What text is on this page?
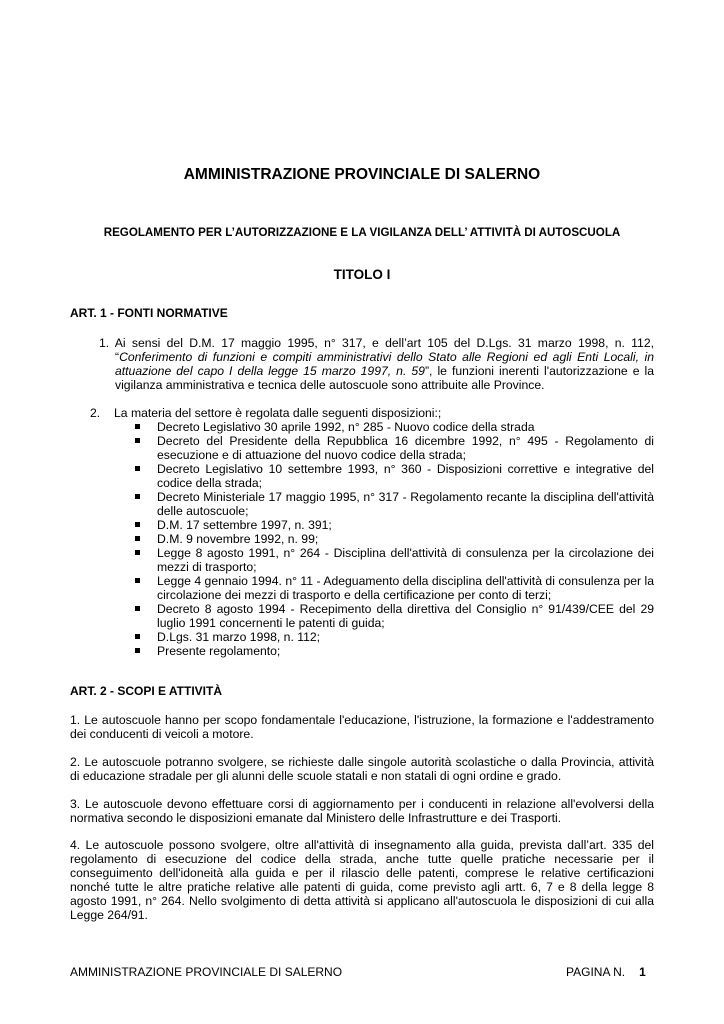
AMMINISTRAZIONE PROVINCIALE DI SALERNO
REGOLAMENTO PER L’AUTORIZZAZIONE E LA VIGILANZA DELL’ ATTIVITÀ DI AUTOSCUOLA
TITOLO I
ART. 1 - FONTI NORMATIVE
1. Ai sensi del D.M. 17 maggio 1995, n° 317, e dell’art 105 del D.Lgs. 31 marzo 1998, n. 112, “Conferimento di funzioni e compiti amministrativi dello Stato alle Regioni ed agli Enti Locali, in attuazione del capo I della legge 15 marzo 1997, n. 59”, le funzioni inerenti l'autorizzazione e la vigilanza amministrativa e tecnica delle autoscuole sono attribuite alle Province.
2. La materia del settore è regolata dalle seguenti disposizioni:;
Decreto Legislativo 30 aprile 1992, n° 285 - Nuovo codice della strada
Decreto del Presidente della Repubblica 16 dicembre 1992, n° 495 - Regolamento di esecuzione e di attuazione del nuovo codice della strada;
Decreto Legislativo 10 settembre 1993, n° 360 - Disposizioni correttive e integrative del codice della strada;
Decreto Ministeriale 17 maggio 1995, n° 317 - Regolamento recante la disciplina dell'attività delle autoscuole;
D.M. 17 settembre 1997, n. 391;
D.M. 9 novembre 1992, n. 99;
Legge 8 agosto 1991, n° 264 - Disciplina dell'attività di consulenza per la circolazione dei mezzi di trasporto;
Legge 4 gennaio 1994. n° 11 - Adeguamento della disciplina dell'attività di consulenza per la circolazione dei mezzi di trasporto e della certificazione per conto di terzi;
Decreto 8 agosto 1994 - Recepimento della direttiva del Consiglio n° 91/439/CEE del 29 luglio 1991 concernenti le patenti di guida;
D.Lgs. 31 marzo 1998, n. 112;
Presente regolamento;
ART. 2 - SCOPI E ATTIVITÀ
1. Le autoscuole hanno per scopo fondamentale l'educazione, l'istruzione, la formazione e l'addestramento dei conducenti di veicoli a motore.
2. Le autoscuole potranno svolgere, se richieste dalle singole autorità scolastiche o dalla Provincia, attività di educazione stradale per gli alunni delle scuole statali e non statali di ogni ordine e grado.
3. Le autoscuole devono effettuare corsi di aggiornamento per i conducenti in relazione all'evolversi della normativa secondo le disposizioni emanate dal Ministero delle Infrastrutture e dei Trasporti.
4. Le autoscuole possono svolgere, oltre all'attività di insegnamento alla guida, prevista dall’art. 335 del regolamento di esecuzione del codice della strada, anche tutte quelle pratiche necessarie per il conseguimento dell'idoneità alla guida e per il rilascio delle patenti, comprese le relative certificazioni nonché tutte le altre pratiche relative alle patenti di guida, come previsto agli artt. 6, 7 e 8 della legge 8 agosto 1991, n° 264. Nello svolgimento di detta attività si applicano all'autoscuola le disposizioni di cui alla Legge 264/91.
AMMINISTRAZIONE PROVINCIALE DI SALERNO	PAGINA N. 1
